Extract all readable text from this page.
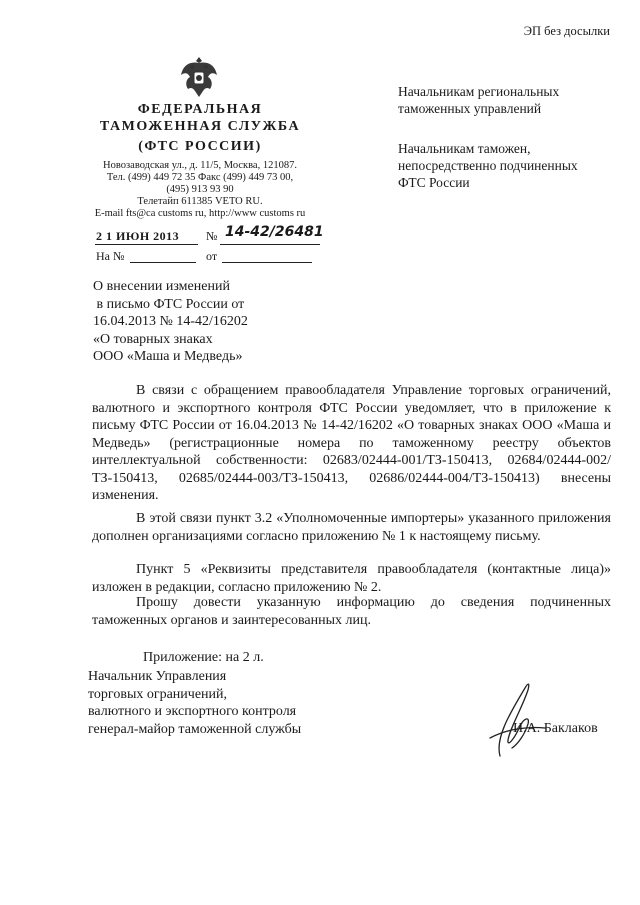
ЭП без досылки
ФЕДЕРАЛЬНАЯ
ТАМОЖЕННАЯ СЛУЖБА
(ФТС РОССИИ)
Новозаводская ул., д. 11/5, Москва, 121087.
Тел. (499) 449 72 35 Факс (499) 449 73 00,
(495) 913 93 90
Телетайп 611385 VETO RU.
E-mail fts@ca customs ru, http://www customs ru
2 1 ИЮН 2013 № 14-42/26481
На №	от
Начальникам региональных
таможенных управлений
Начальникам таможен,
непосредственно подчиненных
ФТС России
О внесении изменений
в письмо ФТС России от
16.04.2013 № 14-42/16202
«О товарных знаках
ООО «Маша и Медведь»
В связи с обращением правообладателя Управление торговых ограничений, валютного и экспортного контроля ФТС России уведомляет, что в приложение к письму ФТС России от 16.04.2013 № 14-42/16202 «О товарных знаках ООО «Маша и Медведь» (регистрационные номера по таможенному реестру объектов интеллектуальной собственности: 02683/02444-001/ТЗ-150413, 02684/02444-002/ТЗ-150413, 02685/02444-003/ТЗ-150413, 02686/02444-004/ТЗ-150413) внесены изменения.
В этой связи пункт 3.2 «Уполномоченные импортеры» указанного приложения дополнен организациями согласно приложению № 1 к настоящему письму.
Пункт 5 «Реквизиты представителя правообладателя (контактные лица)» изложен в редакции, согласно приложению № 2.
Прошу довести указанную информацию до сведения подчиненных таможенных органов и заинтересованных лиц.
Приложение: на 2 л.
Начальник Управления
торговых ограничений,
валютного и экспортного контроля
генерал-майор таможенной службы	И.А. Баклаков
